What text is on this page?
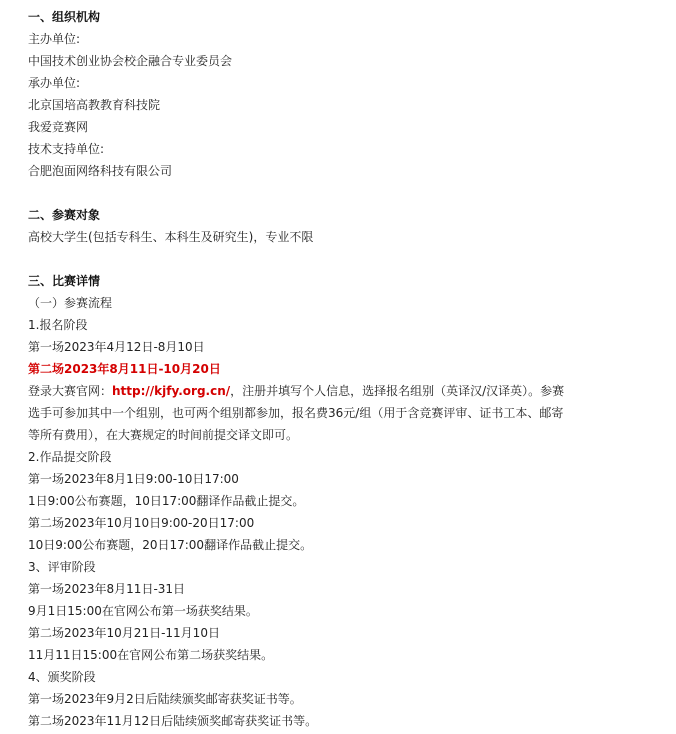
一、组织机构
主办单位:
中国技术创业协会校企融合专业委员会
承办单位:
北京国培高教教育科技院
我爱竞赛网
技术支持单位:
合肥泡面网络科技有限公司
二、参赛对象
高校大学生(包括专科生、本科生及研究生)，专业不限
三、比赛详情
（一）参赛流程
1.报名阶段
第一场2023年4月12日-8月10日
第二场2023年8月11日-10月20日
登录大赛官网：http://kjfy.org.cn/，注册并填写个人信息，选择报名组别（英译汉/汉译英）。参赛
选手可参加其中一个组别，也可两个组别都参加，报名费36元/组（用于含竞赛评审、证书工本、邮寄
等所有费用），在大赛规定的时间前提交译文即可。
2.作品提交阶段
第一场2023年8月1日9:00-10日17:00
1日9:00公布赛题，10日17:00翻译作品截止提交。
第二场2023年10月10日9:00-20日17:00
10日9:00公布赛题，20日17:00翻译作品截止提交。
3、评审阶段
第一场2023年8月11日-31日
9月1日15:00在官网公布第一场获奖结果。
第二场2023年10月21日-11月10日
11月11日15:00在官网公布第二场获奖结果。
4、颁奖阶段
第一场2023年9月2日后陆续颁奖邮寄获奖证书等。
第二场2023年11月12日后陆续颁奖邮寄获奖证书等。
